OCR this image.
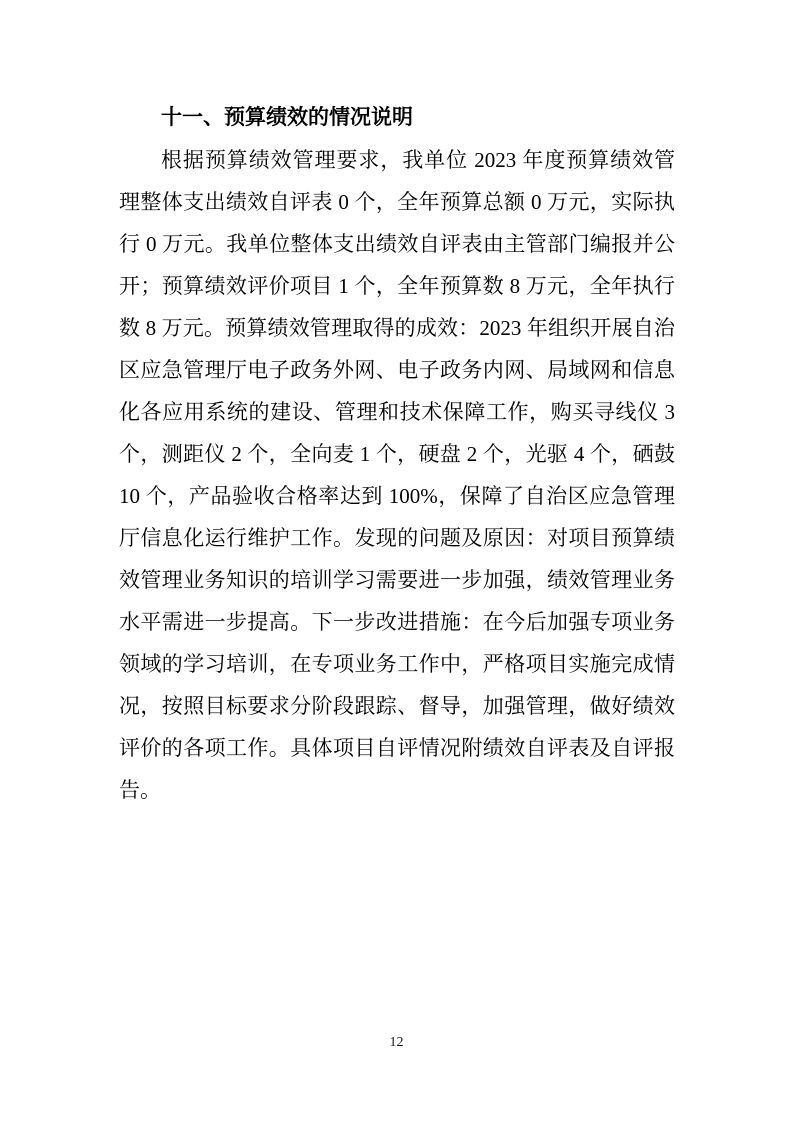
十一、预算绩效的情况说明
根据预算绩效管理要求，我单位 2023 年度预算绩效管
理整体支出绩效自评表 0 个，全年预算总额 0 万元，实际执
行 0 万元。我单位整体支出绩效自评表由主管部门编报并公
开；预算绩效评价项目 1 个，全年预算数 8 万元，全年执行
数 8 万元。预算绩效管理取得的成效：2023 年组织开展自治
区应急管理厅电子政务外网、电子政务内网、局域网和信息
化各应用系统的建设、管理和技术保障工作，购买寻线仪 3
个，测距仪 2 个，全向麦 1 个，硬盘 2 个，光驱 4 个，硒鼓
10 个，产品验收合格率达到 100%，保障了自治区应急管理
厅信息化运行维护工作。发现的问题及原因：对项目预算绩
效管理业务知识的培训学习需要进一步加强，绩效管理业务
水平需进一步提高。下一步改进措施：在今后加强专项业务
领域的学习培训，在专项业务工作中，严格项目实施完成情
况，按照目标要求分阶段跟踪、督导，加强管理，做好绩效
评价的各项工作。具体项目自评情况附绩效自评表及自评报
告。
12
